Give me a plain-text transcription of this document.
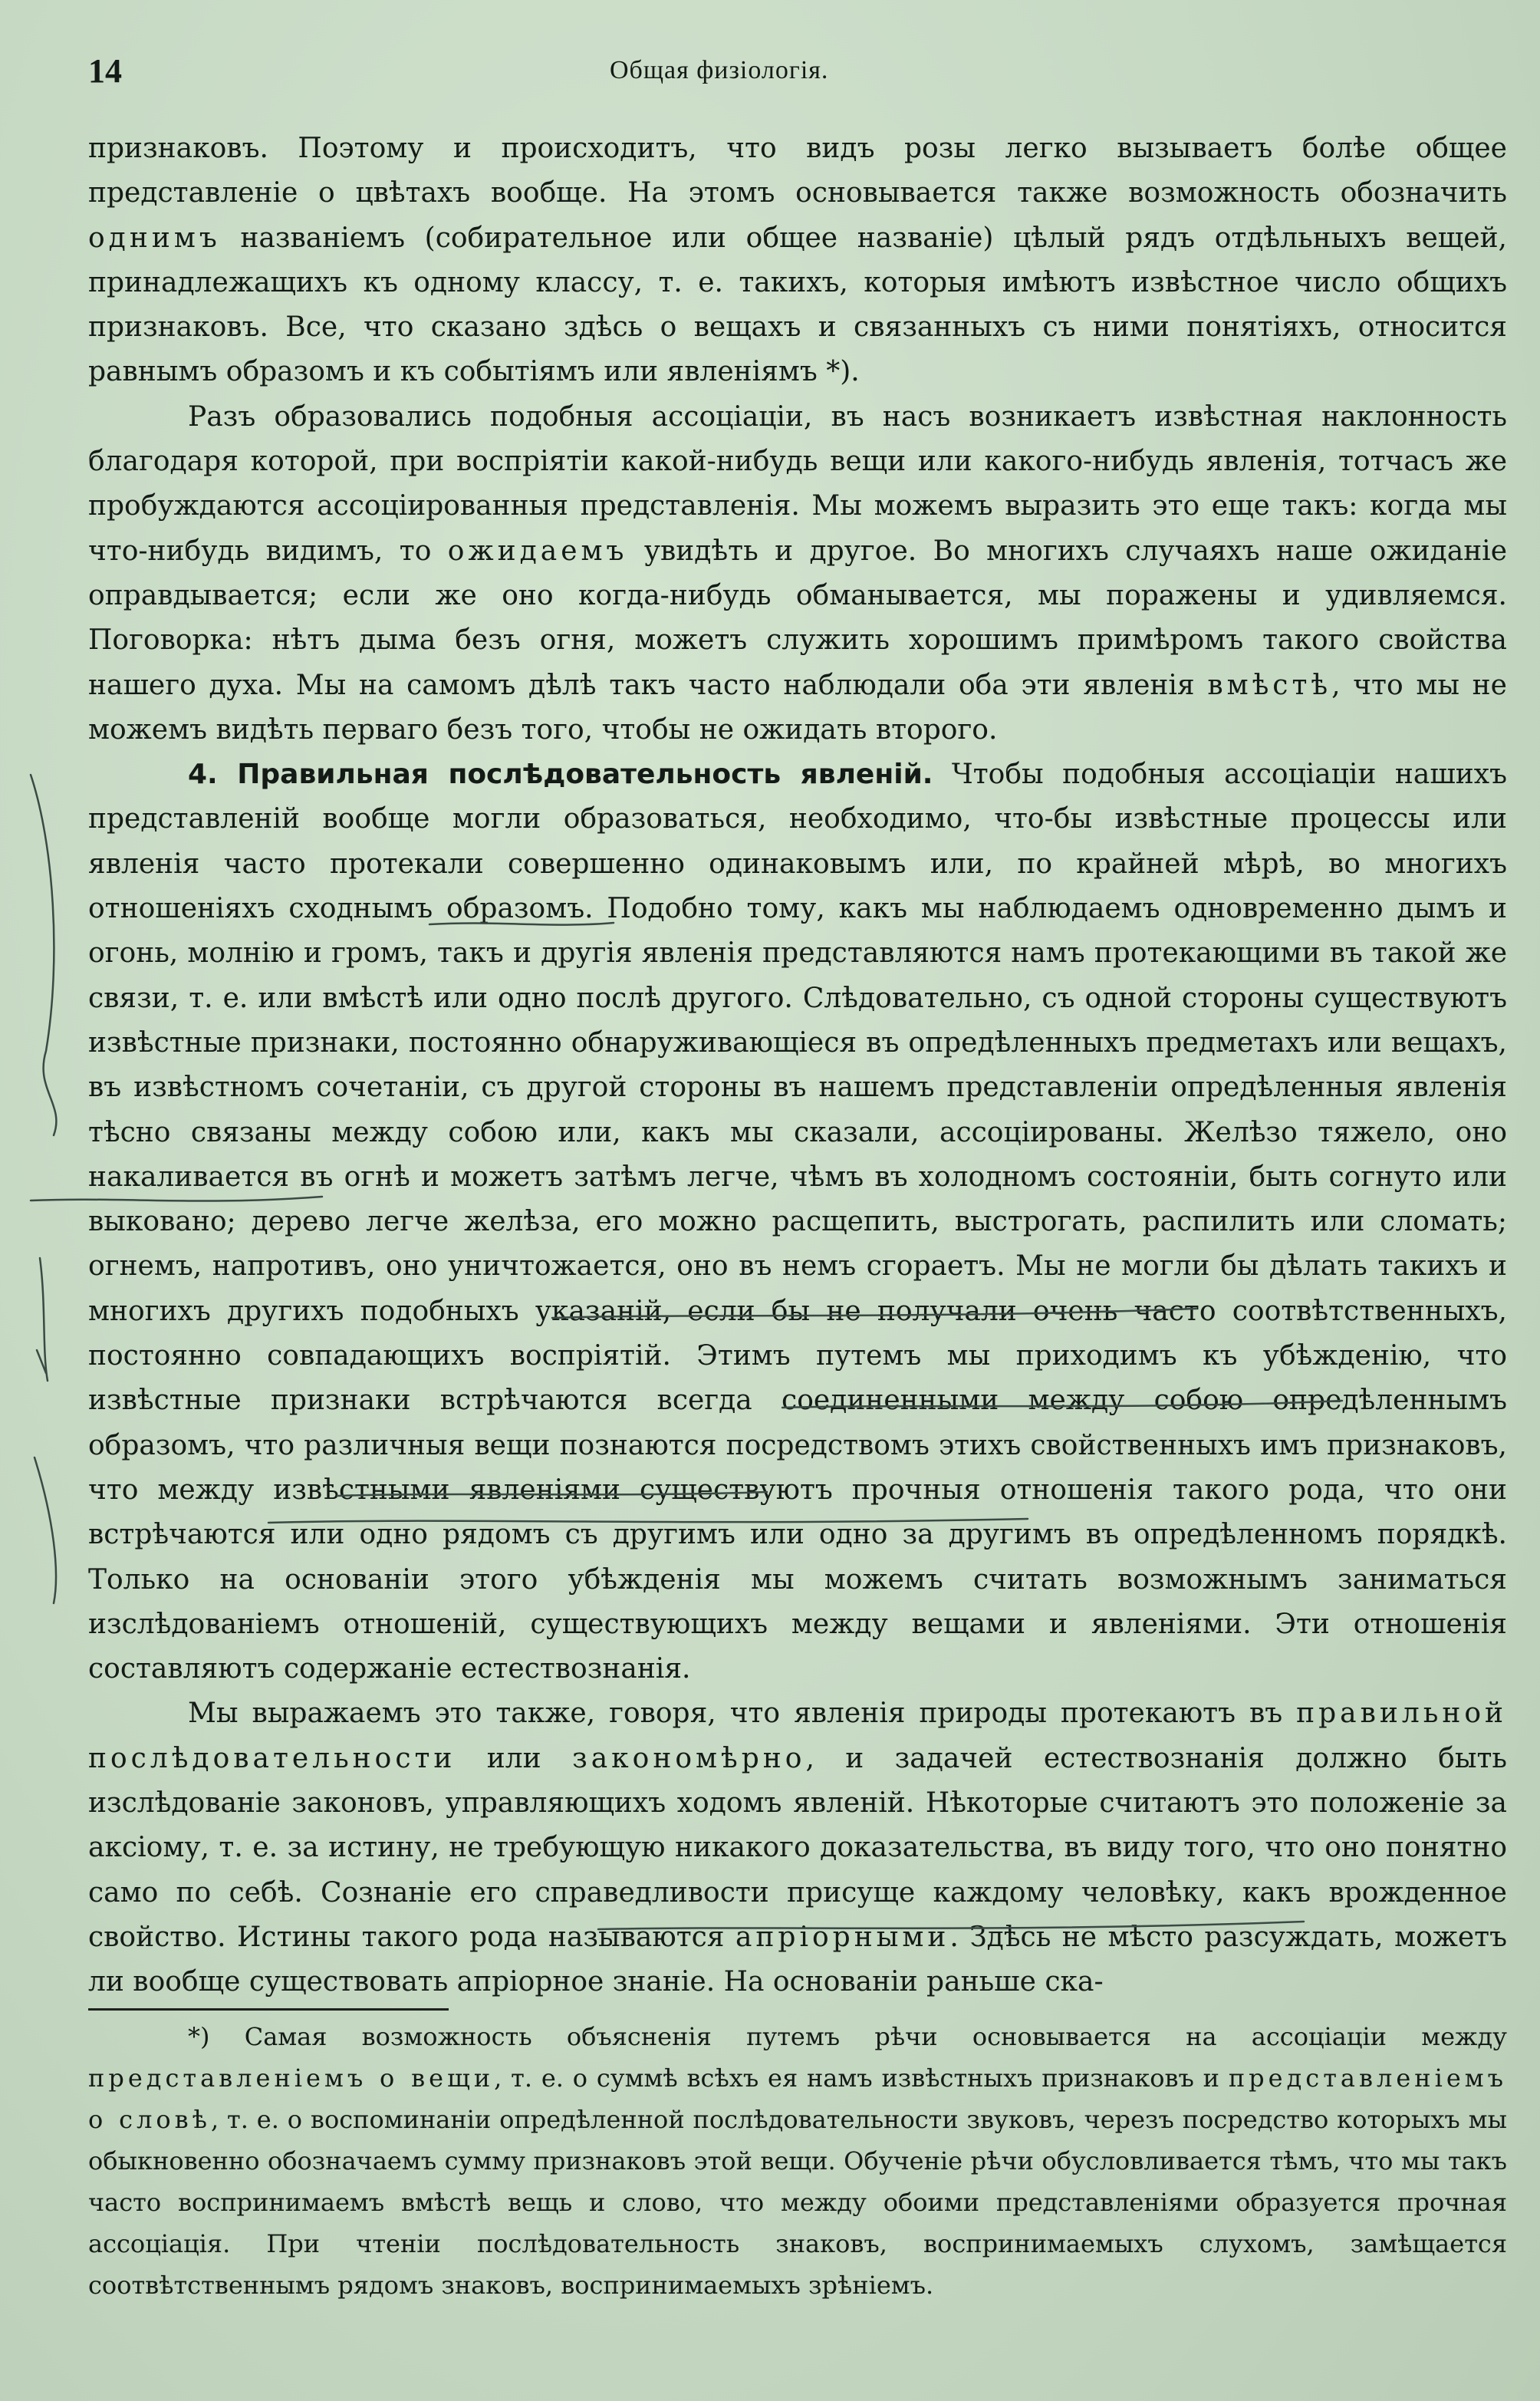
14	Общая физіологія.

признаковъ. Поэтому и происходитъ, что видъ розы легко вызываетъ болѣе общее представленіе о цвѣтахъ вообще. На этомъ основывается также возможность обозначить однимъ названіемъ (собирательное или общее названіе) цѣлый рядъ отдѣльныхъ вещей, принадлежащихъ къ одному классу, т. е. такихъ, которыя имѣютъ извѣстное число общихъ признаковъ. Все, что сказано здѣсь о вещахъ и связанныхъ съ ними понятіяхъ, относится равнымъ образомъ и къ событіямъ или явленіямъ *).

Разъ образовались подобныя ассоціаціи, въ насъ возникаетъ извѣстная наклонность благодаря которой, при воспріятіи какой-нибудь вещи или какого-нибудь явленія, тотчасъ же пробуждаются ассоціированныя представленія. Мы можемъ выразить это еще такъ: когда мы что-нибудь видимъ, то ожидаемъ увидѣть и другое. Во многихъ случаяхъ наше ожиданіе оправдывается; если же оно когда-нибудь обманывается, мы поражены и удивляемся. Поговорка: нѣтъ дыма безъ огня, можетъ служить хорошимъ примѣромъ такого свойства нашего духа. Мы на самомъ дѣлѣ такъ часто наблюдали оба эти явленія вмѣстѣ, что мы не можемъ видѣть перваго безъ того, чтобы не ожидать второго.

4. Правильная послѣдовательность явленій. Чтобы подобныя ассоціаціи нашихъ представленій вообще могли образоваться, необходимо, что-бы извѣстные процессы или явленія часто протекали совершенно одинаковымъ или, по крайней мѣрѣ, во многихъ отношеніяхъ сходнымъ образомъ. Подобно тому, какъ мы наблюдаемъ одновременно дымъ и огонь, молнію и громъ, такъ и другія явленія представляются намъ протекающими въ такой же связи, т. е. или вмѣстѣ или одно послѣ другого. Слѣдовательно, съ одной стороны существуютъ извѣстные признаки, постоянно обнаруживающіеся въ опредѣленныхъ предметахъ или вещахъ, въ извѣстномъ сочетаніи, съ другой стороны въ нашемъ представленіи опредѣленныя явленія тѣсно связаны между собою или, какъ мы сказали, ассоціированы. Желѣзо тяжело, оно накаливается въ огнѣ и можетъ затѣмъ легче, чѣмъ въ холодномъ состояніи, быть согнуто или выковано; дерево легче желѣза, его можно расщепить, выстрогать, распилить или сломать; огнемъ, напротивъ, оно уничтожается, оно въ немъ сгораетъ. Мы не могли бы дѣлать такихъ и многихъ другихъ подобныхъ указаній, если бы не получали очень часто соотвѣтственныхъ, постоянно совпадающихъ воспріятій. Этимъ путемъ мы приходимъ къ убѣжденію, что извѣстные признаки встрѣчаются всегда соединенными между собою опредѣленнымъ образомъ, что различныя вещи познаются посредствомъ этихъ свойственныхъ имъ признаковъ, что между извѣстными явленіями существуютъ прочныя отношенія такого рода, что они встрѣчаются или одно рядомъ съ другимъ или одно за другимъ въ опредѣленномъ порядкѣ. Только на основаніи этого убѣжденія мы можемъ считать возможнымъ заниматься изслѣдованіемъ отношеній, существующихъ между вещами и явленіями. Эти отношенія составляютъ содержаніе естествознанія.

Мы выражаемъ это также, говоря, что явленія природы протекаютъ въ правильной послѣдовательности или закономѣрно, и задачей естествознанія должно быть изслѣдованіе законовъ, управляющихъ ходомъ явленій. Нѣкоторые считаютъ это положеніе за аксіому, т. е. за истину, не требующую никакого доказательства, въ виду того, что оно понятно само по себѣ. Сознаніе его справедливости присуще каждому человѣку, какъ врожденное свойство. Истины такого рода называются апріорными. Здѣсь не мѣсто разсуждать, можетъ ли вообще существовать апріорное знаніе. На основаніи раньше ска-

*) Самая возможность объясненія путемъ рѣчи основывается на ассоціаціи между представленіемъ о вещи, т. е. о суммѣ всѣхъ ея намъ извѣстныхъ признаковъ и представленіемъ о словѣ, т. е. о воспоминаніи опредѣленной послѣдовательности звуковъ, черезъ посредство которыхъ мы обыкновенно обозначаемъ сумму признаковъ этой вещи. Обученіе рѣчи обусловливается тѣмъ, что мы такъ часто воспринимаемъ вмѣстѣ вещь и слово, что между обоими представленіями образуется прочная ассоціація. При чтеніи послѣдовательность знаковъ, воспринимаемыхъ слухомъ, замѣщается соотвѣтственнымъ рядомъ знаковъ, воспринимаемыхъ зрѣніемъ.
